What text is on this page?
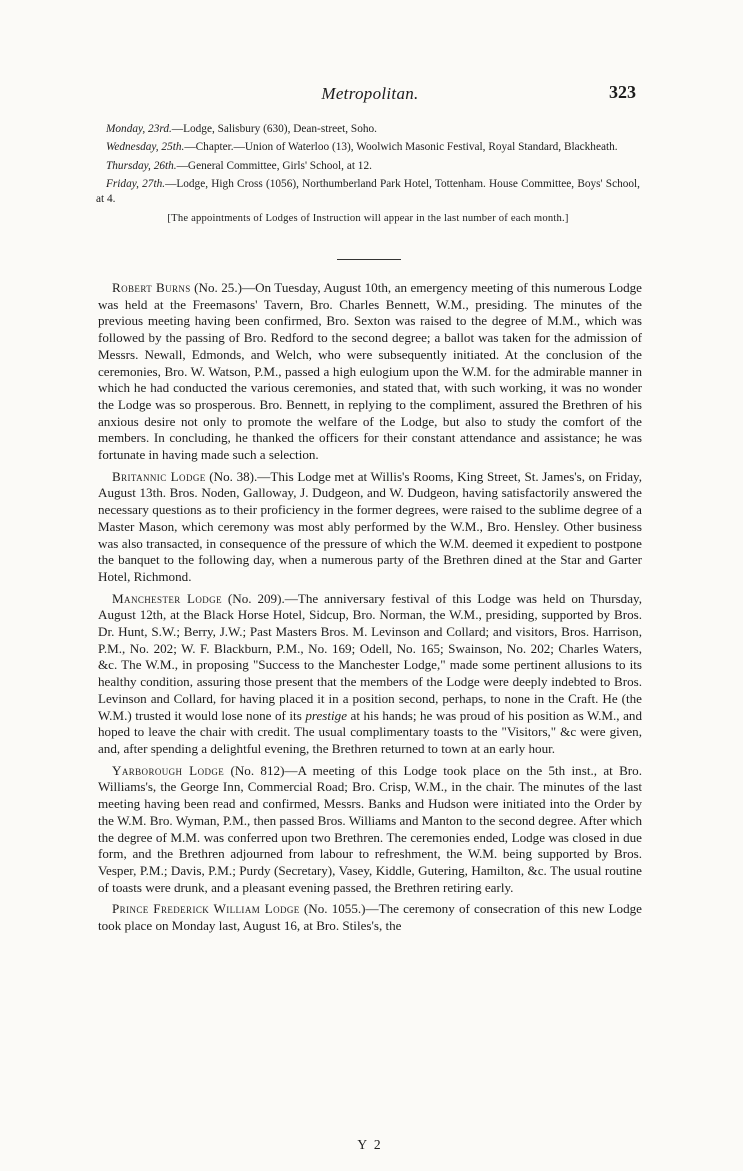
Metropolitan.	323

Monday, 23rd.—Lodge, Salisbury (630), Dean-street, Soho.

Wednesday, 25th.—Chapter.—Union of Waterloo (13), Woolwich Masonic Festival, Royal Standard, Blackheath.

Thursday, 26th.—General Committee, Girls' School, at 12.

Friday, 27th.—Lodge, High Cross (1056), Northumberland Park Hotel, Tottenham. House Committee, Boys' School, at 4.

[The appointments of Lodges of Instruction will appear in the last number of each month.]

Robert Burns (No. 25.)—On Tuesday, August 10th, an emergency meeting of this numerous Lodge was held at the Freemasons' Tavern, Bro. Charles Bennett, W.M., presiding. The minutes of the previous meeting having been confirmed, Bro. Sexton was raised to the degree of M.M., which was followed by the passing of Bro. Redford to the second degree; a ballot was taken for the admission of Messrs. Newall, Edmonds, and Welch, who were subsequently initiated. At the conclusion of the ceremonies, Bro. W. Watson, P.M., passed a high eulogium upon the W.M. for the admirable manner in which he had conducted the various ceremonies, and stated that, with such working, it was no wonder the Lodge was so prosperous. Bro. Bennett, in replying to the compliment, assured the Brethren of his anxious desire not only to promote the welfare of the Lodge, but also to study the comfort of the members. In concluding, he thanked the officers for their constant attendance and assistance; he was fortunate in having made such a selection.

Britannic Lodge (No. 38).—This Lodge met at Willis's Rooms, King Street, St. James's, on Friday, August 13th. Bros. Noden, Galloway, J. Dudgeon, and W. Dudgeon, having satisfactorily answered the necessary questions as to their proficiency in the former degrees, were raised to the sublime degree of a Master Mason, which ceremony was most ably performed by the W.M., Bro. Hensley. Other business was also transacted, in consequence of the pressure of which the W.M. deemed it expedient to postpone the banquet to the following day, when a numerous party of the Brethren dined at the Star and Garter Hotel, Richmond.

Manchester Lodge (No. 209).—The anniversary festival of this Lodge was held on Thursday, August 12th, at the Black Horse Hotel, Sidcup, Bro. Norman, the W.M., presiding, supported by Bros. Dr. Hunt, S.W.; Berry, J.W.; Past Masters Bros. M. Levinson and Collard; and visitors, Bros. Harrison, P.M., No. 202; W. F. Blackburn, P.M., No. 169; Odell, No. 165; Swainson, No. 202; Charles Waters, &c. The W.M., in proposing "Success to the Manchester Lodge," made some pertinent allusions to its healthy condition, assuring those present that the members of the Lodge were deeply indebted to Bros. Levinson and Collard, for having placed it in a position second, perhaps, to none in the Craft. He (the W.M.) trusted it would lose none of its prestige at his hands; he was proud of his position as W.M., and hoped to leave the chair with credit. The usual complimentary toasts to the "Visitors," &c were given, and, after spending a delightful evening, the Brethren returned to town at an early hour.

Yarborough Lodge (No. 812)—A meeting of this Lodge took place on the 5th inst., at Bro. Williams's, the George Inn, Commercial Road; Bro. Crisp, W.M., in the chair. The minutes of the last meeting having been read and confirmed, Messrs. Banks and Hudson were initiated into the Order by the W.M. Bro. Wyman, P.M., then passed Bros. Williams and Manton to the second degree. After which the degree of M.M. was conferred upon two Brethren. The ceremonies ended, Lodge was closed in due form, and the Brethren adjourned from labour to refreshment, the W.M. being supported by Bros. Vesper, P.M.; Davis, P.M.; Purdy (Secretary), Vasey, Kiddle, Gutering, Hamilton, &c. The usual routine of toasts were drunk, and a pleasant evening passed, the Brethren retiring early.

Prince Frederick William Lodge (No. 1055.)—The ceremony of consecration of this new Lodge took place on Monday last, August 16, at Bro. Stiles's, the

Y 2
